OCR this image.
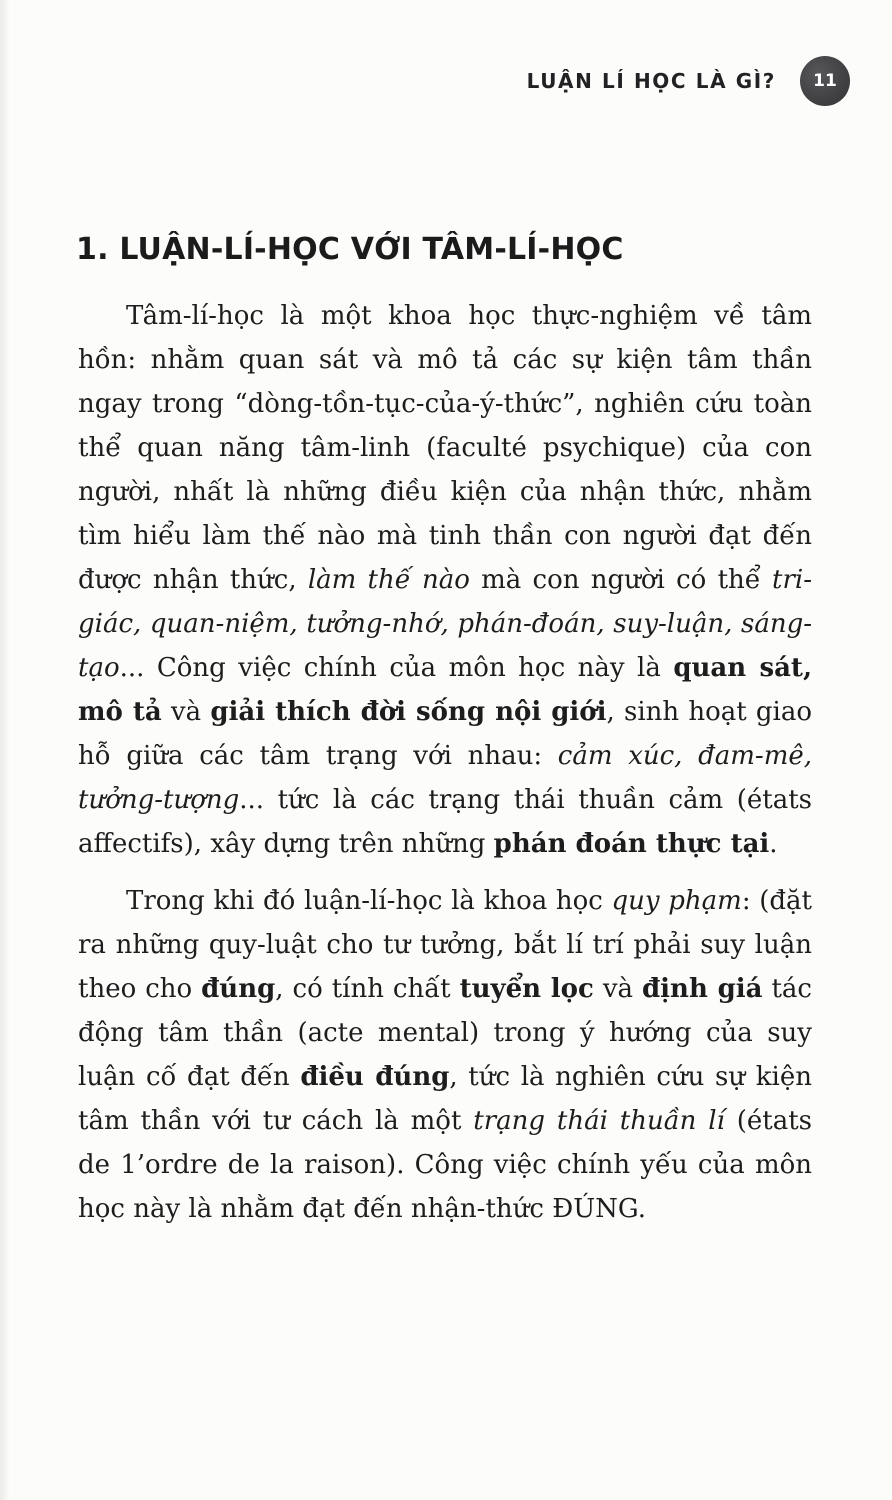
LUẬN LÍ HỌC LÀ GÌ? 11
1. LUẬN-LÍ-HỌC VỚI TÂM-LÍ-HỌC

Tâm-lí-học là một khoa học thực-nghiệm về tâm hồn: nhằm quan sát và mô tả các sự kiện tâm thần ngay trong “dòng-tồn-tục-của-ý-thức”, nghiên cứu toàn thể quan năng tâm-linh (faculté psychique) của con người, nhất là những điều kiện của nhận thức, nhằm tìm hiểu làm thế nào mà tinh thần con người đạt đến được nhận thức, làm thế nào mà con người có thể tri-giác, quan-niệm, tưởng-nhớ, phán-đoán, suy-luận, sáng-tạo... Công việc chính của môn học này là quan sát, mô tả và giải thích đời sống nội giới, sinh hoạt giao hỗ giữa các tâm trạng với nhau: cảm xúc, đam-mê, tưởng-tượng... tức là các trạng thái thuần cảm (états affectifs), xây dựng trên những phán đoán thực tại.

Trong khi đó luận-lí-học là khoa học quy phạm: (đặt ra những quy-luật cho tư tưởng, bắt lí trí phải suy luận theo cho đúng, có tính chất tuyển lọc và định giá tác động tâm thần (acte mental) trong ý hướng của suy luận cố đạt đến điều đúng, tức là nghiên cứu sự kiện tâm thần với tư cách là một trạng thái thuần lí (états de 1’ordre de la raison). Công việc chính yếu của môn học này là nhằm đạt đến nhận-thức ĐÚNG.
